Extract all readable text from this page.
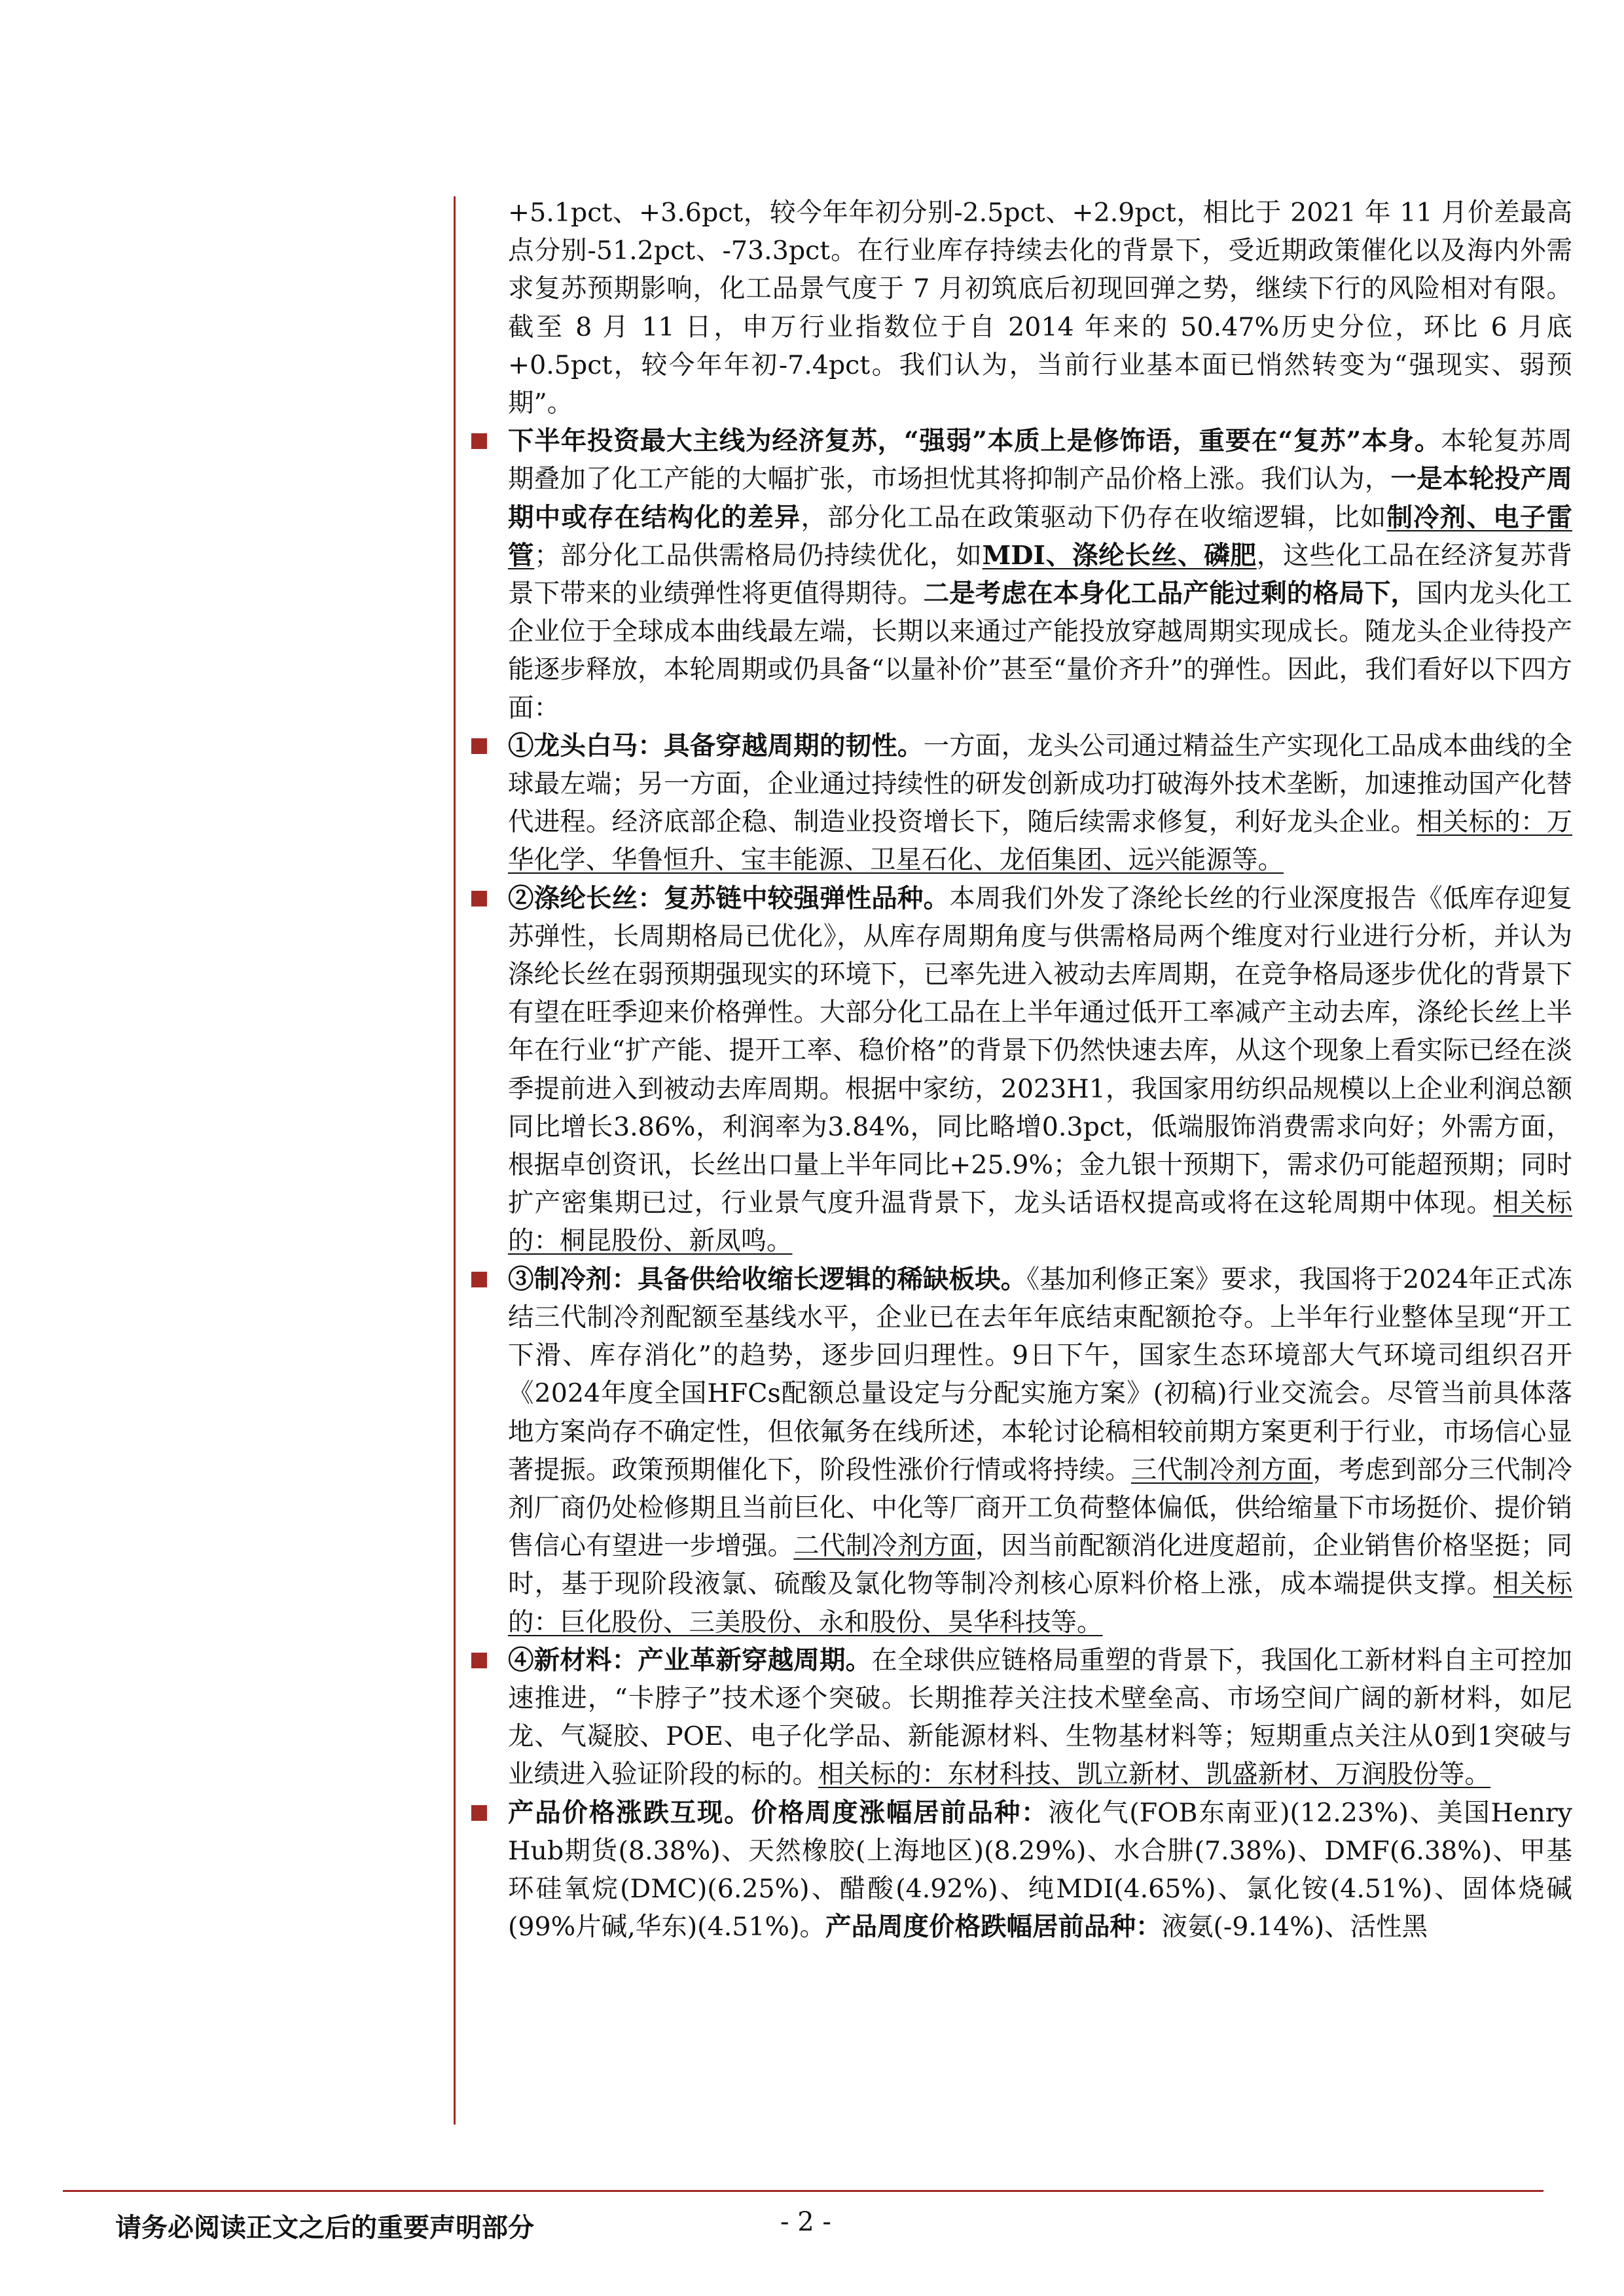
+5.1pct、+3.6pct，较今年年初分别-2.5pct、+2.9pct，相比于 2021 年 11 月价差最高点分别-51.2pct、-73.3pct。在行业库存持续去化的背景下，受近期政策催化以及海内外需求复苏预期影响，化工品景气度于 7 月初筑底后初现回弹之势，继续下行的风险相对有限。截至 8 月 11 日，申万行业指数位于自 2014 年来的 50.47%历史分位，环比 6 月底+0.5pct，较今年年初-7.4pct。我们认为，当前行业基本面已悄然转变为“强现实、弱预期”。

下半年投资最大主线为经济复苏，“强弱”本质上是修饰语，重要在“复苏”本身。本轮复苏周期叠加了化工产能的大幅扩张，市场担忧其将抑制产品价格上涨。我们认为，一是本轮投产周期中或存在结构化的差异，部分化工品在政策驱动下仍存在收缩逻辑，比如制冷剂、电子雷管；部分化工品供需格局仍持续优化，如MDI、涤纶长丝、磷肥，这些化工品在经济复苏背景下带来的业绩弹性将更值得期待。二是考虑在本身化工品产能过剩的格局下，国内龙头化工企业位于全球成本曲线最左端，长期以来通过产能投放穿越周期实现成长。随龙头企业待投产能逐步释放，本轮周期或仍具备“以量补价”甚至“量价齐升”的弹性。因此，我们看好以下四方面：

①龙头白马：具备穿越周期的韧性。一方面，龙头公司通过精益生产实现化工品成本曲线的全球最左端；另一方面，企业通过持续性的研发创新成功打破海外技术垄断，加速推动国产化替代进程。经济底部企稳、制造业投资增长下，随后续需求修复，利好龙头企业。相关标的：万华化学、华鲁恒升、宝丰能源、卫星石化、龙佰集团、远兴能源等。

②涤纶长丝：复苏链中较强弹性品种。本周我们外发了涤纶长丝的行业深度报告《低库存迎复苏弹性，长周期格局已优化》，从库存周期角度与供需格局两个维度对行业进行分析，并认为涤纶长丝在弱预期强现实的环境下，已率先进入被动去库周期，在竞争格局逐步优化的背景下有望在旺季迎来价格弹性。大部分化工品在上半年通过低开工率减产主动去库，涤纶长丝上半年在行业“扩产能、提开工率、稳价格”的背景下仍然快速去库，从这个现象上看实际已经在淡季提前进入到被动去库周期。根据中家纺，2023H1，我国家用纺织品规模以上企业利润总额同比增长3.86%，利润率为3.84%，同比略增0.3pct，低端服饰消费需求向好；外需方面，根据卓创资讯，长丝出口量上半年同比+25.9%；金九银十预期下，需求仍可能超预期；同时扩产密集期已过，行业景气度升温背景下，龙头话语权提高或将在这轮周期中体现。相关标的：桐昆股份、新凤鸣。

③制冷剂：具备供给收缩长逻辑的稀缺板块。《基加利修正案》要求，我国将于2024年正式冻结三代制冷剂配额至基线水平，企业已在去年年底结束配额抢夺。上半年行业整体呈现“开工下滑、库存消化”的趋势，逐步回归理性。9日下午，国家生态环境部大气环境司组织召开《2024年度全国HFCs配额总量设定与分配实施方案》(初稿)行业交流会。尽管当前具体落地方案尚存不确定性，但依氟务在线所述，本轮讨论稿相较前期方案更利于行业，市场信心显著提振。政策预期催化下，阶段性涨价行情或将持续。三代制冷剂方面，考虑到部分三代制冷剂厂商仍处检修期且当前巨化、中化等厂商开工负荷整体偏低，供给缩量下市场挺价、提价销售信心有望进一步增强。二代制冷剂方面，因当前配额消化进度超前，企业销售价格坚挺；同时，基于现阶段液氯、硫酸及氯化物等制冷剂核心原料价格上涨，成本端提供支撑。相关标的：巨化股份、三美股份、永和股份、昊华科技等。

④新材料：产业革新穿越周期。在全球供应链格局重塑的背景下，我国化工新材料自主可控加速推进，“卡脖子”技术逐个突破。长期推荐关注技术壁垒高、市场空间广阔的新材料，如尼龙、气凝胶、POE、电子化学品、新能源材料、生物基材料等；短期重点关注从0到1突破与业绩进入验证阶段的标的。相关标的：东材科技、凯立新材、凯盛新材、万润股份等。

产品价格涨跌互现。价格周度涨幅居前品种：液化气(FOB东南亚)(12.23%)、美国Henry Hub期货(8.38%)、天然橡胶(上海地区)(8.29%)、水合肼(7.38%)、DMF(6.38%)、甲基环硅氧烷(DMC)(6.25%)、醋酸(4.92%)、纯MDI(4.65%)、氯化铵(4.51%)、固体烧碱(99%片碱,华东)(4.51%)。产品周度价格跌幅居前品种：液氨(-9.14%)、活性黑

请务必阅读正文之后的重要声明部分	- 2 -
